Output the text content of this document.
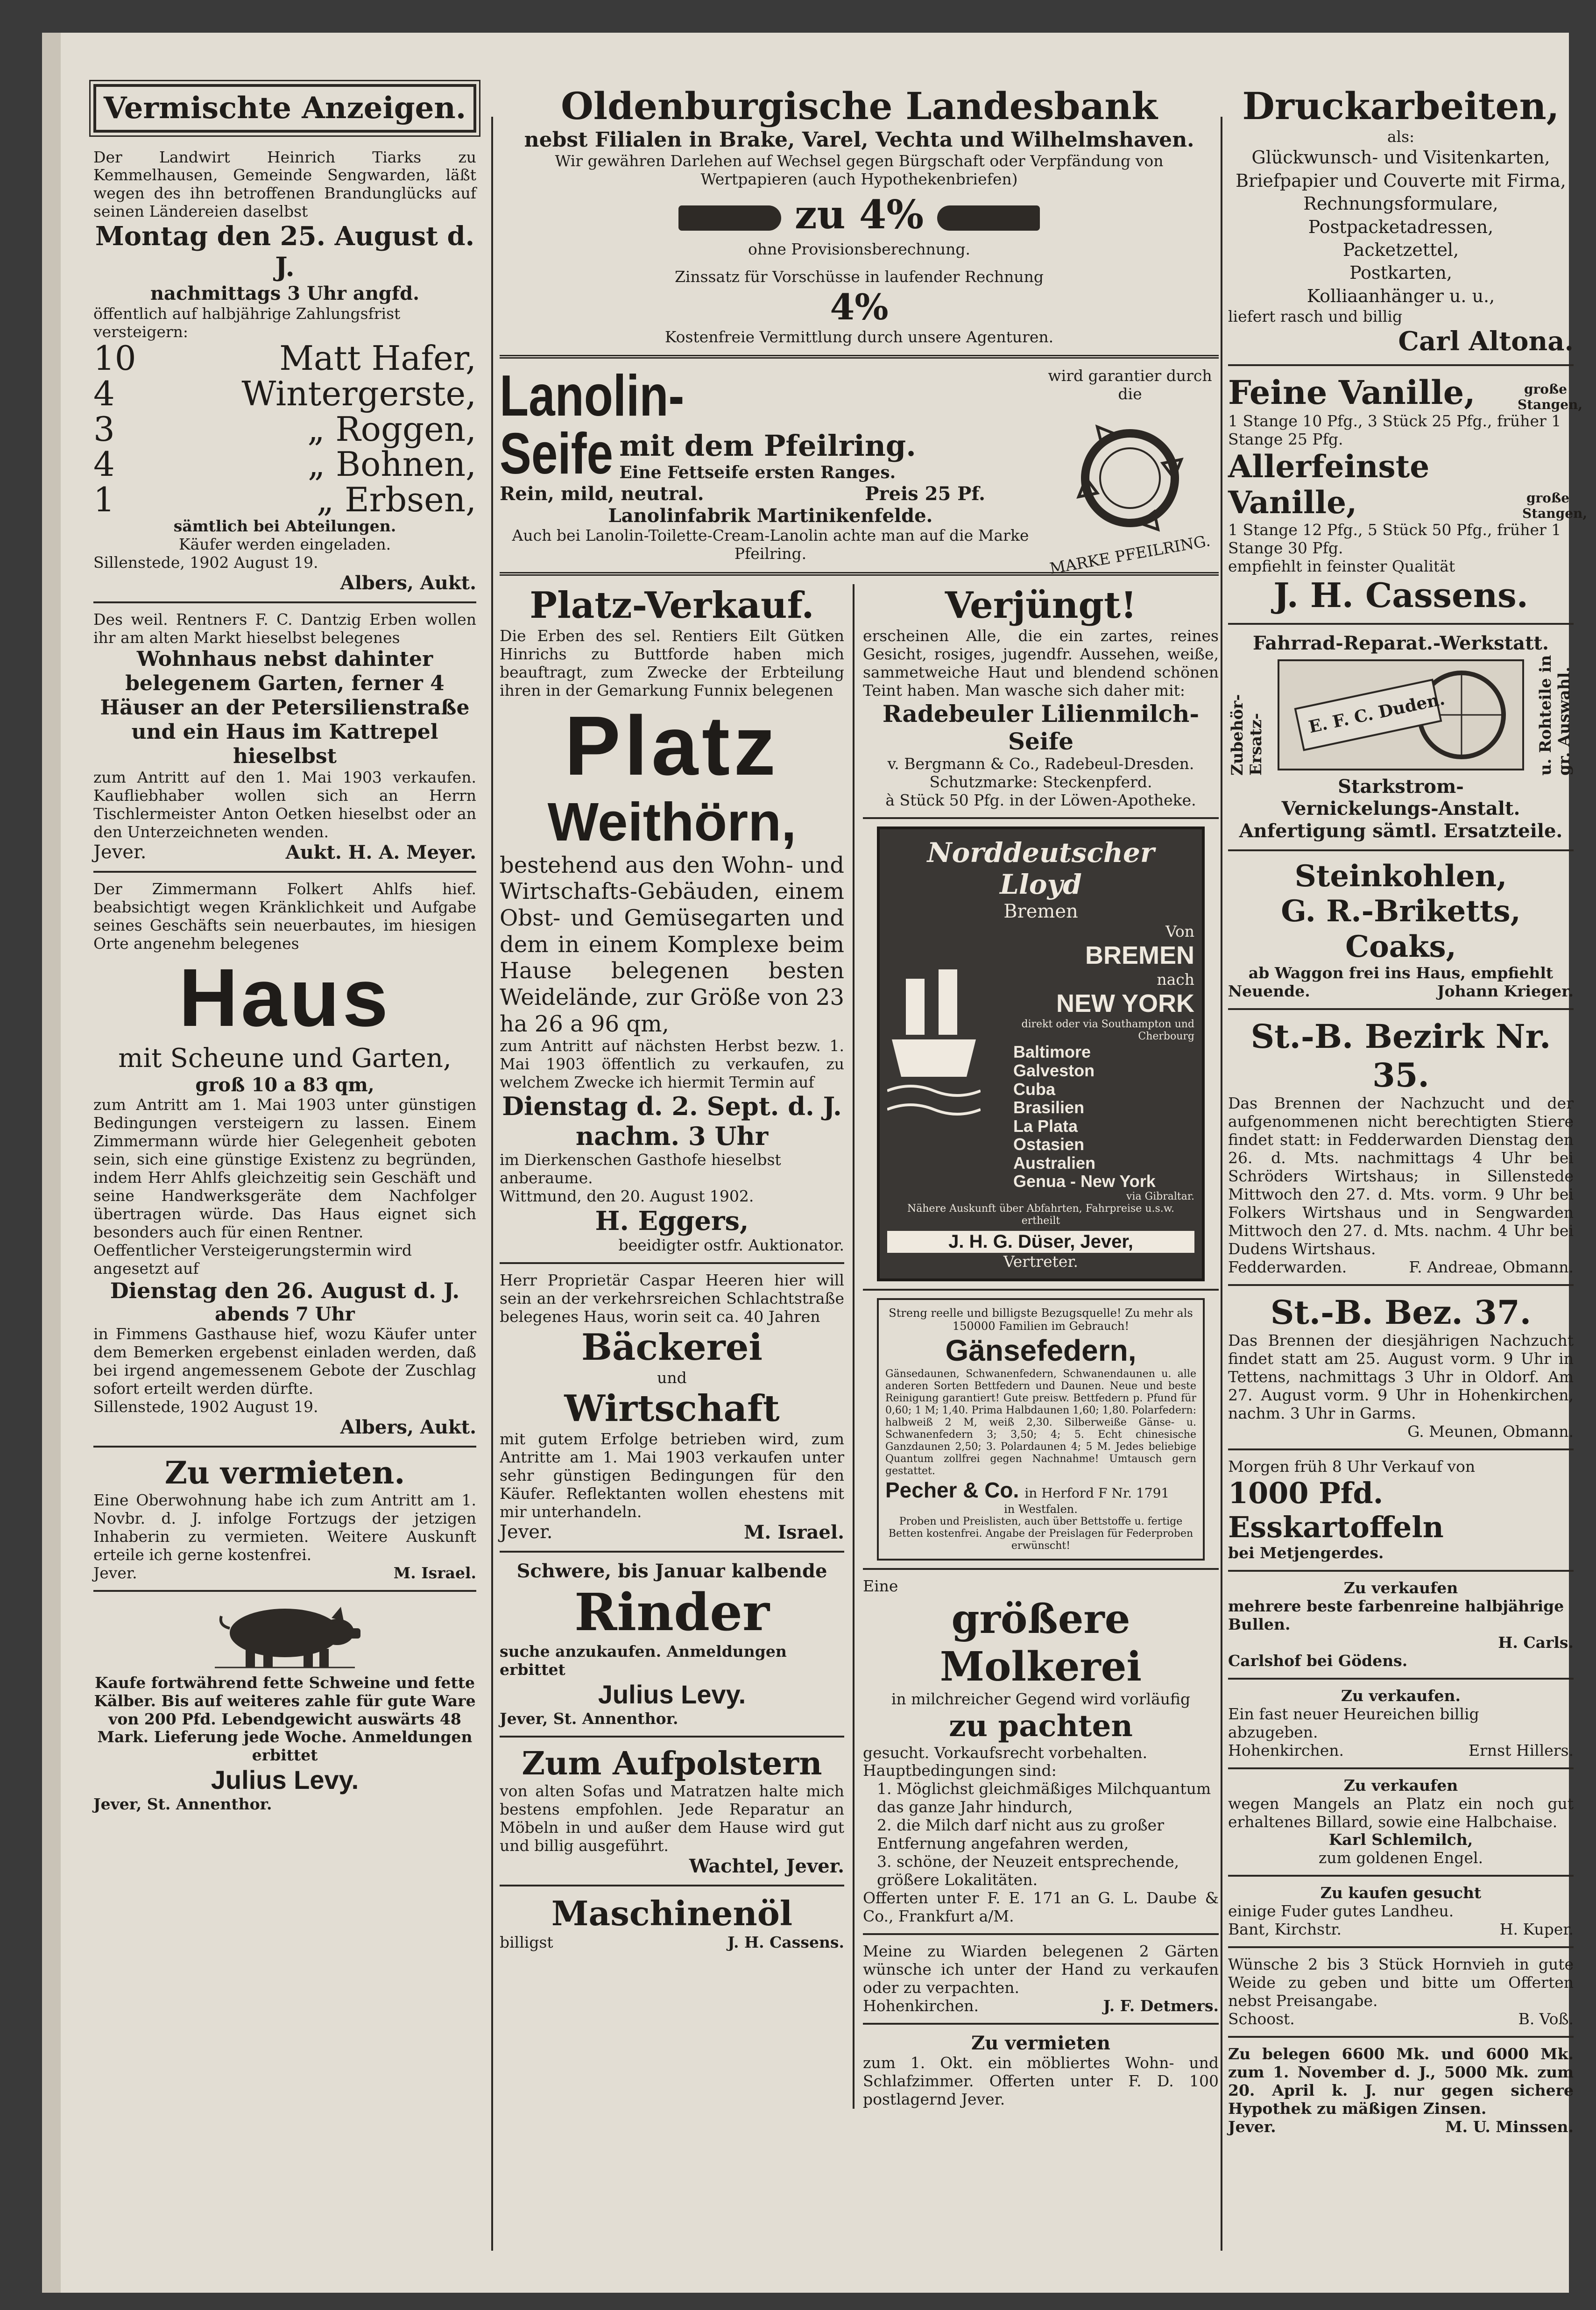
Vermischte Anzeigen.
Der Landwirt Heinrich Tiarks zu Kemmelhausen, Gemeinde Sengwarden, läßt wegen des ihn betroffenen Brandunglücks auf seinen Ländereien daselbst
Montag den 25. August d. J.
nachmittags 3 Uhr angfd.
öffentlich auf halbjährige Zahlungsfrist versteigern:
10	Matt Hafer,
4	Wintergerste,
3	„ Roggen,
4	„ Bohnen,
1	„ Erbsen,
sämtlich bei Abteilungen.
Käufer werden eingeladen.
Sillenstede, 1902 August 19.
Albers, Aukt.
Des weil. Rentners F. C. Dantzig Erben wollen ihr am alten Markt hieselbst belegenes
Wohnhaus nebst dahinter belegenem Garten, ferner 4 Häuser an der Petersilienstraße und ein Haus im Kattrepel hieselbst
zum Antritt auf den 1. Mai 1903 verkaufen. Kaufliebhaber wollen sich an Herrn Tischlermeister Anton Oetken hieselbst oder an den Unterzeichneten wenden.
Jever.	Aukt. H. A. Meyer.
Der Zimmermann Folkert Ahlfs hief. beabsichtigt wegen Kränklichkeit und Aufgabe seines Geschäfts sein neuerbautes, im hiesigen Orte angenehm belegenes
Haus
mit Scheune und Garten,
groß 10 a 83 qm,
zum Antritt am 1. Mai 1903 unter günstigen Bedingungen versteigern zu lassen. Einem Zimmermann würde hier Gelegenheit geboten sein, sich eine günstige Existenz zu begründen, indem Herr Ahlfs gleichzeitig sein Geschäft und seine Handwerksgeräte dem Nachfolger übertragen würde. Das Haus eignet sich besonders auch für einen Rentner.
Oeffentlicher Versteigerungstermin wird angesetzt auf
Dienstag den 26. August d. J.
abends 7 Uhr
in Fimmens Gasthause hief, wozu Käufer unter dem Bemerken ergebenst einladen werden, daß bei irgend angemessenem Gebote der Zuschlag sofort erteilt werden dürfte.
Sillenstede, 1902 August 19.
Albers, Aukt.
Zu vermieten.
Eine Oberwohnung habe ich zum Antritt am 1. Novbr. d. J. infolge Fortzugs der jetzigen Inhaberin zu vermieten. Weitere Auskunft erteile ich gerne kostenfrei.
Jever.	M. Israel.
Kaufe fortwährend fette Schweine und fette Kälber. Bis auf weiteres zahle für gute Ware von 200 Pfd. Lebendgewicht auswärts 48 Mark. Lieferung jede Woche. Anmeldungen erbittet
Julius Levy.
Jever, St. Annenthor.
Oldenburgische Landesbank
nebst Filialen in Brake, Varel, Vechta und Wilhelmshaven.
Wir gewähren Darlehen auf Wechsel gegen Bürgschaft oder Verpfändung von Wertpapieren (auch Hypothekenbriefen)
zu 4%
ohne Provisionsberechnung.
Zinssatz für Vorschüsse in laufender Rechnung
4%
Kostenfreie Vermittlung durch unsere Agenturen.
Lanolin-
Seife mit dem Pfeilring.
Eine Fettseife ersten Ranges.
Rein, mild, neutral.	Preis 25 Pf.
Lanolinfabrik Martinikenfelde.
Auch bei Lanolin-Toilette-Cream-Lanolin achte man auf die Marke Pfeilring.
wird garantier durch die
MARKE PFEILRING.
Platz-Verkauf.
Die Erben des sel. Rentiers Eilt Gütken Hinrichs zu Buttforde haben mich beauftragt, zum Zwecke der Erbteilung ihren in der Gemarkung Funnix belegenen
Platz
Weithörn,
bestehend aus den Wohn- und Wirtschafts-Gebäuden, einem Obst- und Gemüsegarten und dem in einem Komplexe beim Hause belegenen besten Weidelände, zur Größe von 23 ha 26 a 96 qm,
zum Antritt auf nächsten Herbst bezw. 1. Mai 1903 öffentlich zu verkaufen, zu welchem Zwecke ich hiermit Termin auf
Dienstag d. 2. Sept. d. J.
nachm. 3 Uhr
im Dierkenschen Gasthofe hieselbst anberaume.
Wittmund, den 20. August 1902.
H. Eggers,
beeidigter ostfr. Auktionator.
Herr Proprietär Caspar Heeren hier will sein an der verkehrsreichen Schlachtstraße belegenes Haus, worin seit ca. 40 Jahren
Bäckerei
und
Wirtschaft
mit gutem Erfolge betrieben wird, zum Antritte am 1. Mai 1903 verkaufen unter sehr günstigen Bedingungen für den Käufer. Reflektanten wollen ehestens mit mir unterhandeln.
Jever.	M. Israel.
Schwere, bis Januar kalbende
Rinder
suche anzukaufen. Anmeldungen erbittet
Julius Levy.
Jever, St. Annenthor.
Zum Aufpolstern
von alten Sofas und Matratzen halte mich bestens empfohlen. Jede Reparatur an Möbeln in und außer dem Hause wird gut und billig ausgeführt.
Wachtel, Jever.
Maschinenöl
billigst	J. H. Cassens.
Verjüngt!
erscheinen Alle, die ein zartes, reines Gesicht, rosiges, jugendfr. Aussehen, weiße, sammetweiche Haut und blendend schönen Teint haben. Man wasche sich daher mit:
Radebeuler Lilienmilch-Seife
v. Bergmann & Co., Radebeul-Dresden.
Schutzmarke: Steckenpferd.
à Stück 50 Pfg. in der Löwen-Apotheke.
Norddeutscher Lloyd
Bremen
Von
BREMEN
nach
NEW YORK
direkt oder via Southampton und Cherbourg
Baltimore
Galveston
Cuba
Brasilien
La Plata
Ostasien
Australien
Genua - New York
via Gibraltar.
Nähere Auskunft über Abfahrten, Fahrpreise u.s.w. ertheilt
J. H. G. Düser, Jever,
Vertreter.
Streng reelle und billigste Bezugsquelle! Zu mehr als 150000 Familien im Gebrauch!
Gänsefedern,
Gänsedaunen, Schwanenfedern, Schwanendaunen u. alle anderen Sorten Bettfedern und Daunen. Neue und beste Reinigung garantiert! Gute preisw. Bettfedern p. Pfund für 0,60; 1 M; 1,40. Prima Halbdaunen 1,60; 1,80. Polarfedern: halbweiß 2 M, weiß 2,30. Silberweiße Gänse- u. Schwanenfedern 3; 3,50; 4; 5. Echt chinesische Ganzdaunen 2,50; 3. Polardaunen 4; 5 M. Jedes beliebige Quantum zollfrei gegen Nachnahme! Umtausch gern gestattet.
Pecher & Co. in Herford F Nr. 1791
in Westfalen.
Proben und Preislisten, auch über Bettstoffe u. fertige Betten kostenfrei. Angabe der Preislagen für Federproben erwünscht!
Eine
größere Molkerei
in milchreicher Gegend wird vorläufig
zu pachten
gesucht. Vorkaufsrecht vorbehalten.
Hauptbedingungen sind:
1. Möglichst gleichmäßiges Milchquantum das ganze Jahr hindurch,
2. die Milch darf nicht aus zu großer Entfernung angefahren werden,
3. schöne, der Neuzeit entsprechende, größere Lokalitäten.
Offerten unter F. E. 171 an G. L. Daube & Co., Frankfurt a/M.
Meine zu Wiarden belegenen 2 Gärten wünsche ich unter der Hand zu verkaufen oder zu verpachten.
Hohenkirchen.	J. F. Detmers.
Zu vermieten
zum 1. Okt. ein möbliertes Wohn- und Schlafzimmer. Offerten unter F. D. 100 postlagernd Jever.
Druckarbeiten,
als:
Glückwunsch- und Visitenkarten,
Briefpapier und Couverte mit Firma,
Rechnungsformulare,
Postpacketadressen,
Packetzettel,
Postkarten,
Kolliaanhänger u. u.,
liefert rasch und billig
Carl Altona.
Feine Vanille,	große Stangen,
1 Stange 10 Pfg., 3 Stück 25 Pfg., früher 1 Stange 25 Pfg.
Allerfeinste Vanille,	große Stangen,
1 Stange 12 Pfg., 5 Stück 50 Pfg., früher 1 Stange 30 Pfg.
empfiehlt in feinster Qualität
J. H. Cassens.
Fahrrad-Reparat.-Werkstatt.
Zubehör-Ersatz- E. F. C. Duden.	u. Rohteile in gr. Auswahl.
Starkstrom-
Vernickelungs-Anstalt.
Anfertigung sämtl. Ersatzteile.
Steinkohlen,
G. R.-Briketts,
Coaks,
ab Waggon frei ins Haus, empfiehlt
Neuende.	Johann Krieger.
St.-B. Bezirk Nr. 35.
Das Brennen der Nachzucht und der aufgenommenen nicht berechtigten Stiere findet statt: in Fedderwarden Dienstag den 26. d. Mts. nachmittags 4 Uhr bei Schröders Wirtshaus; in Sillenstede Mittwoch den 27. d. Mts. vorm. 9 Uhr bei Folkers Wirtshaus und in Sengwarden Mittwoch den 27. d. Mts. nachm. 4 Uhr bei Dudens Wirtshaus.
Fedderwarden.	F. Andreae, Obmann.
St.-B. Bez. 37.
Das Brennen der diesjährigen Nachzucht findet statt am 25. August vorm. 9 Uhr in Tettens, nachmittags 3 Uhr in Oldorf. Am 27. August vorm. 9 Uhr in Hohenkirchen, nachm. 3 Uhr in Garms.
G. Meunen, Obmann.
Morgen früh 8 Uhr Verkauf von
1000 Pfd. Esskartoffeln
bei Metjengerdes.
Zu verkaufen
mehrere beste farbenreine halbjährige Bullen.
H. Carls.
Carlshof bei Gödens.
Zu verkaufen.
Ein fast neuer Heureichen billig abzugeben.
Hohenkirchen.	Ernst Hillers.
Zu verkaufen
wegen Mangels an Platz ein noch gut erhaltenes Billard, sowie eine Halbchaise.
Karl Schlemilch,
zum goldenen Engel.
Zu kaufen gesucht
einige Fuder gutes Landheu.
Bant, Kirchstr.	H. Kuper.
Wünsche 2 bis 3 Stück Hornvieh in gute Weide zu geben und bitte um Offerten nebst Preisangabe.
Schoost.	B. Voß.
Zu belegen 6600 Mk. und 6000 Mk. zum 1. November d. J., 5000 Mk. zum 20. April k. J. nur gegen sichere Hypothek zu mäßigen Zinsen.
Jever.	M. U. Minssen.
